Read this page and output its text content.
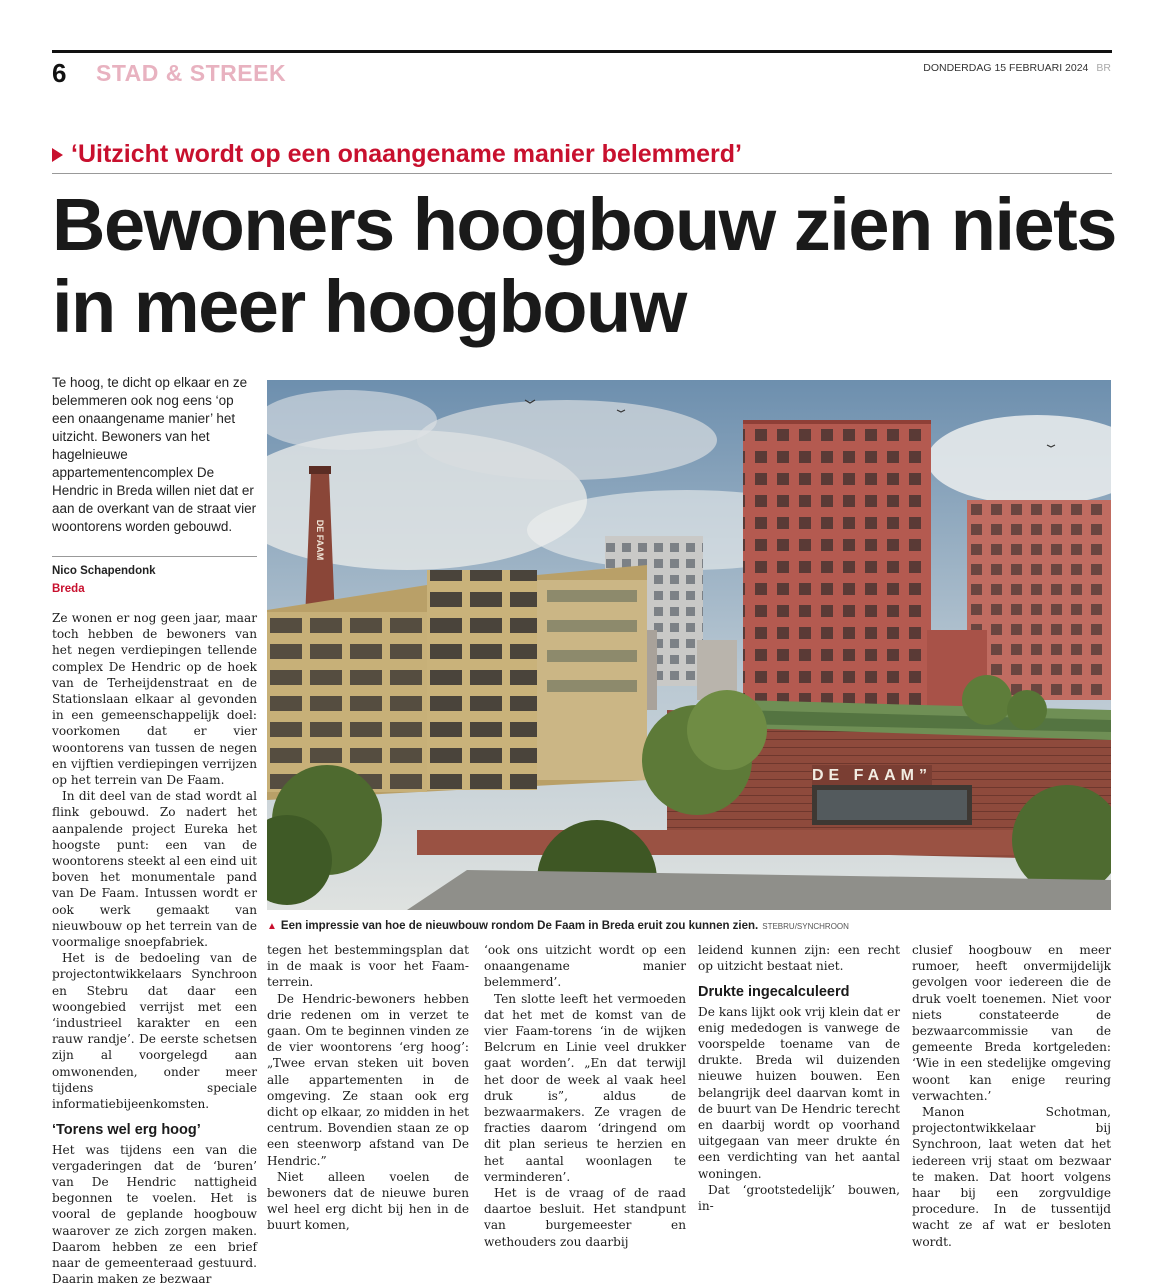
6 STAD & STREEK	DONDERDAG 15 FEBRUARI 2024 BR
‘Uitzicht wordt op een onaangename manier belemmerd’
Bewoners hoogbouw zien niets in meer hoogbouw

Te hoog, te dicht op elkaar en ze belemmeren ook nog eens ‘op een onaangename manier’ het uitzicht. Bewoners van het hagelnieuwe appartementencomplex De Hendric in Breda willen niet dat er aan de overkant van de straat vier woontorens worden gebouwd.

Nico Schapendonk
Breda

Ze wonen er nog geen jaar, maar toch hebben de bewoners van het negen verdiepingen tellende complex De Hendric op de hoek van de Terheijdenstraat en de Stationslaan elkaar al gevonden in een gemeenschappelijk doel: voorkomen dat er vier woontorens van tussen de negen en vijftien verdiepingen verrijzen op het terrein van De Faam.

In dit deel van de stad wordt al flink gebouwd. Zo nadert het aanpalende project Eureka het hoogste punt: een van de woontorens steekt al een eind uit boven het monumentale pand van De Faam. Intussen wordt er ook werk gemaakt van nieuwbouw op het terrein van de voormalige snoepfabriek.

Het is de bedoeling van de projectontwikkelaars Synchroon en Stebru dat daar een woongebied verrijst met een ‘industrieel karakter en een rauw randje’. De eerste schetsen zijn al voorgelegd aan omwonenden, onder meer tijdens speciale informatiebijeenkomsten.

‘Torens wel erg hoog’

Het was tijdens een van die vergaderingen dat de ‘buren’ van De Hendric nattigheid begonnen te voelen. Het is vooral de geplande hoogbouw waarover ze zich zorgen maken. Daarom hebben ze een brief naar de gemeenteraad gestuurd. Daarin maken ze bezwaar

DE FAAM
DE FAAM”
▲ Een impressie van hoe de nieuwbouw rondom De Faam in Breda eruit zou kunnen zien. STEBRU/SYNCHROON

tegen het bestemmingsplan dat in de maak is voor het Faam-terrein.

De Hendric-bewoners hebben drie redenen om in verzet te gaan. Om te beginnen vinden ze de vier woontorens ‘erg hoog’: „Twee ervan steken uit boven alle appartementen in de omgeving. Ze staan ook erg dicht op elkaar, zo midden in het centrum. Bovendien staan ze op een steenworp afstand van De Hendric.”

Niet alleen voelen de bewoners dat de nieuwe buren wel heel erg dicht bij hen in de buurt komen,

‘ook ons uitzicht wordt op een onaangename manier belemmerd’.

Ten slotte leeft het vermoeden dat het met de komst van de vier Faam-torens ‘in de wijken Belcrum en Linie veel drukker gaat worden’. „En dat terwijl het door de week al vaak heel druk is”, aldus de bezwaarmakers. Ze vragen de fracties daarom ‘dringend om dit plan serieus te herzien en het aantal woonlagen te verminderen’.

Het is de vraag of de raad daartoe besluit. Het standpunt van burgemeester en wethouders zou daarbij

leidend kunnen zijn: een recht op uitzicht bestaat niet.

Drukte ingecalculeerd

De kans lijkt ook vrij klein dat er enig mededogen is vanwege de voorspelde toename van de drukte. Breda wil duizenden nieuwe huizen bouwen. Een belangrijk deel daarvan komt in de buurt van De Hendric terecht en daarbij wordt op voorhand uitgegaan van meer drukte én een verdichting van het aantal woningen.

Dat ‘grootstedelijk’ bouwen, in-

clusief hoogbouw en meer rumoer, heeft onvermijdelijk gevolgen voor iedereen die de druk voelt toenemen. Niet voor niets constateerde de bezwaarcommissie van de gemeente Breda kortgeleden: ‘Wie in een stedelijke omgeving woont kan enige reuring verwachten.’

Manon Schotman, projectontwikkelaar bij Synchroon, laat weten dat het iedereen vrij staat om bezwaar te maken. Dat hoort volgens haar bij een zorgvuldige procedure. In de tussentijd wacht ze af wat er besloten wordt.
